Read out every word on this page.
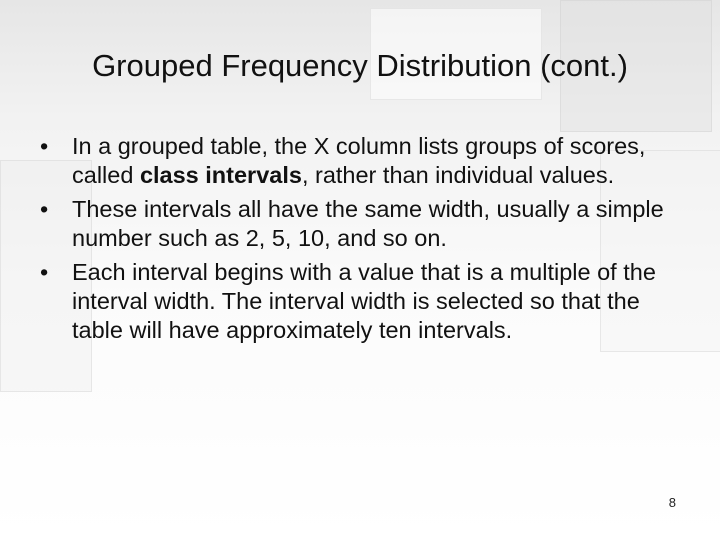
Grouped Frequency Distribution (cont.)
• In a grouped table, the X column lists groups of scores, called class intervals, rather than individual values.
• These intervals all have the same width, usually a simple number such as 2, 5, 10, and so on.
• Each interval begins with a value that is a multiple of the interval width. The interval width is selected so that the table will have approximately ten intervals.
8
